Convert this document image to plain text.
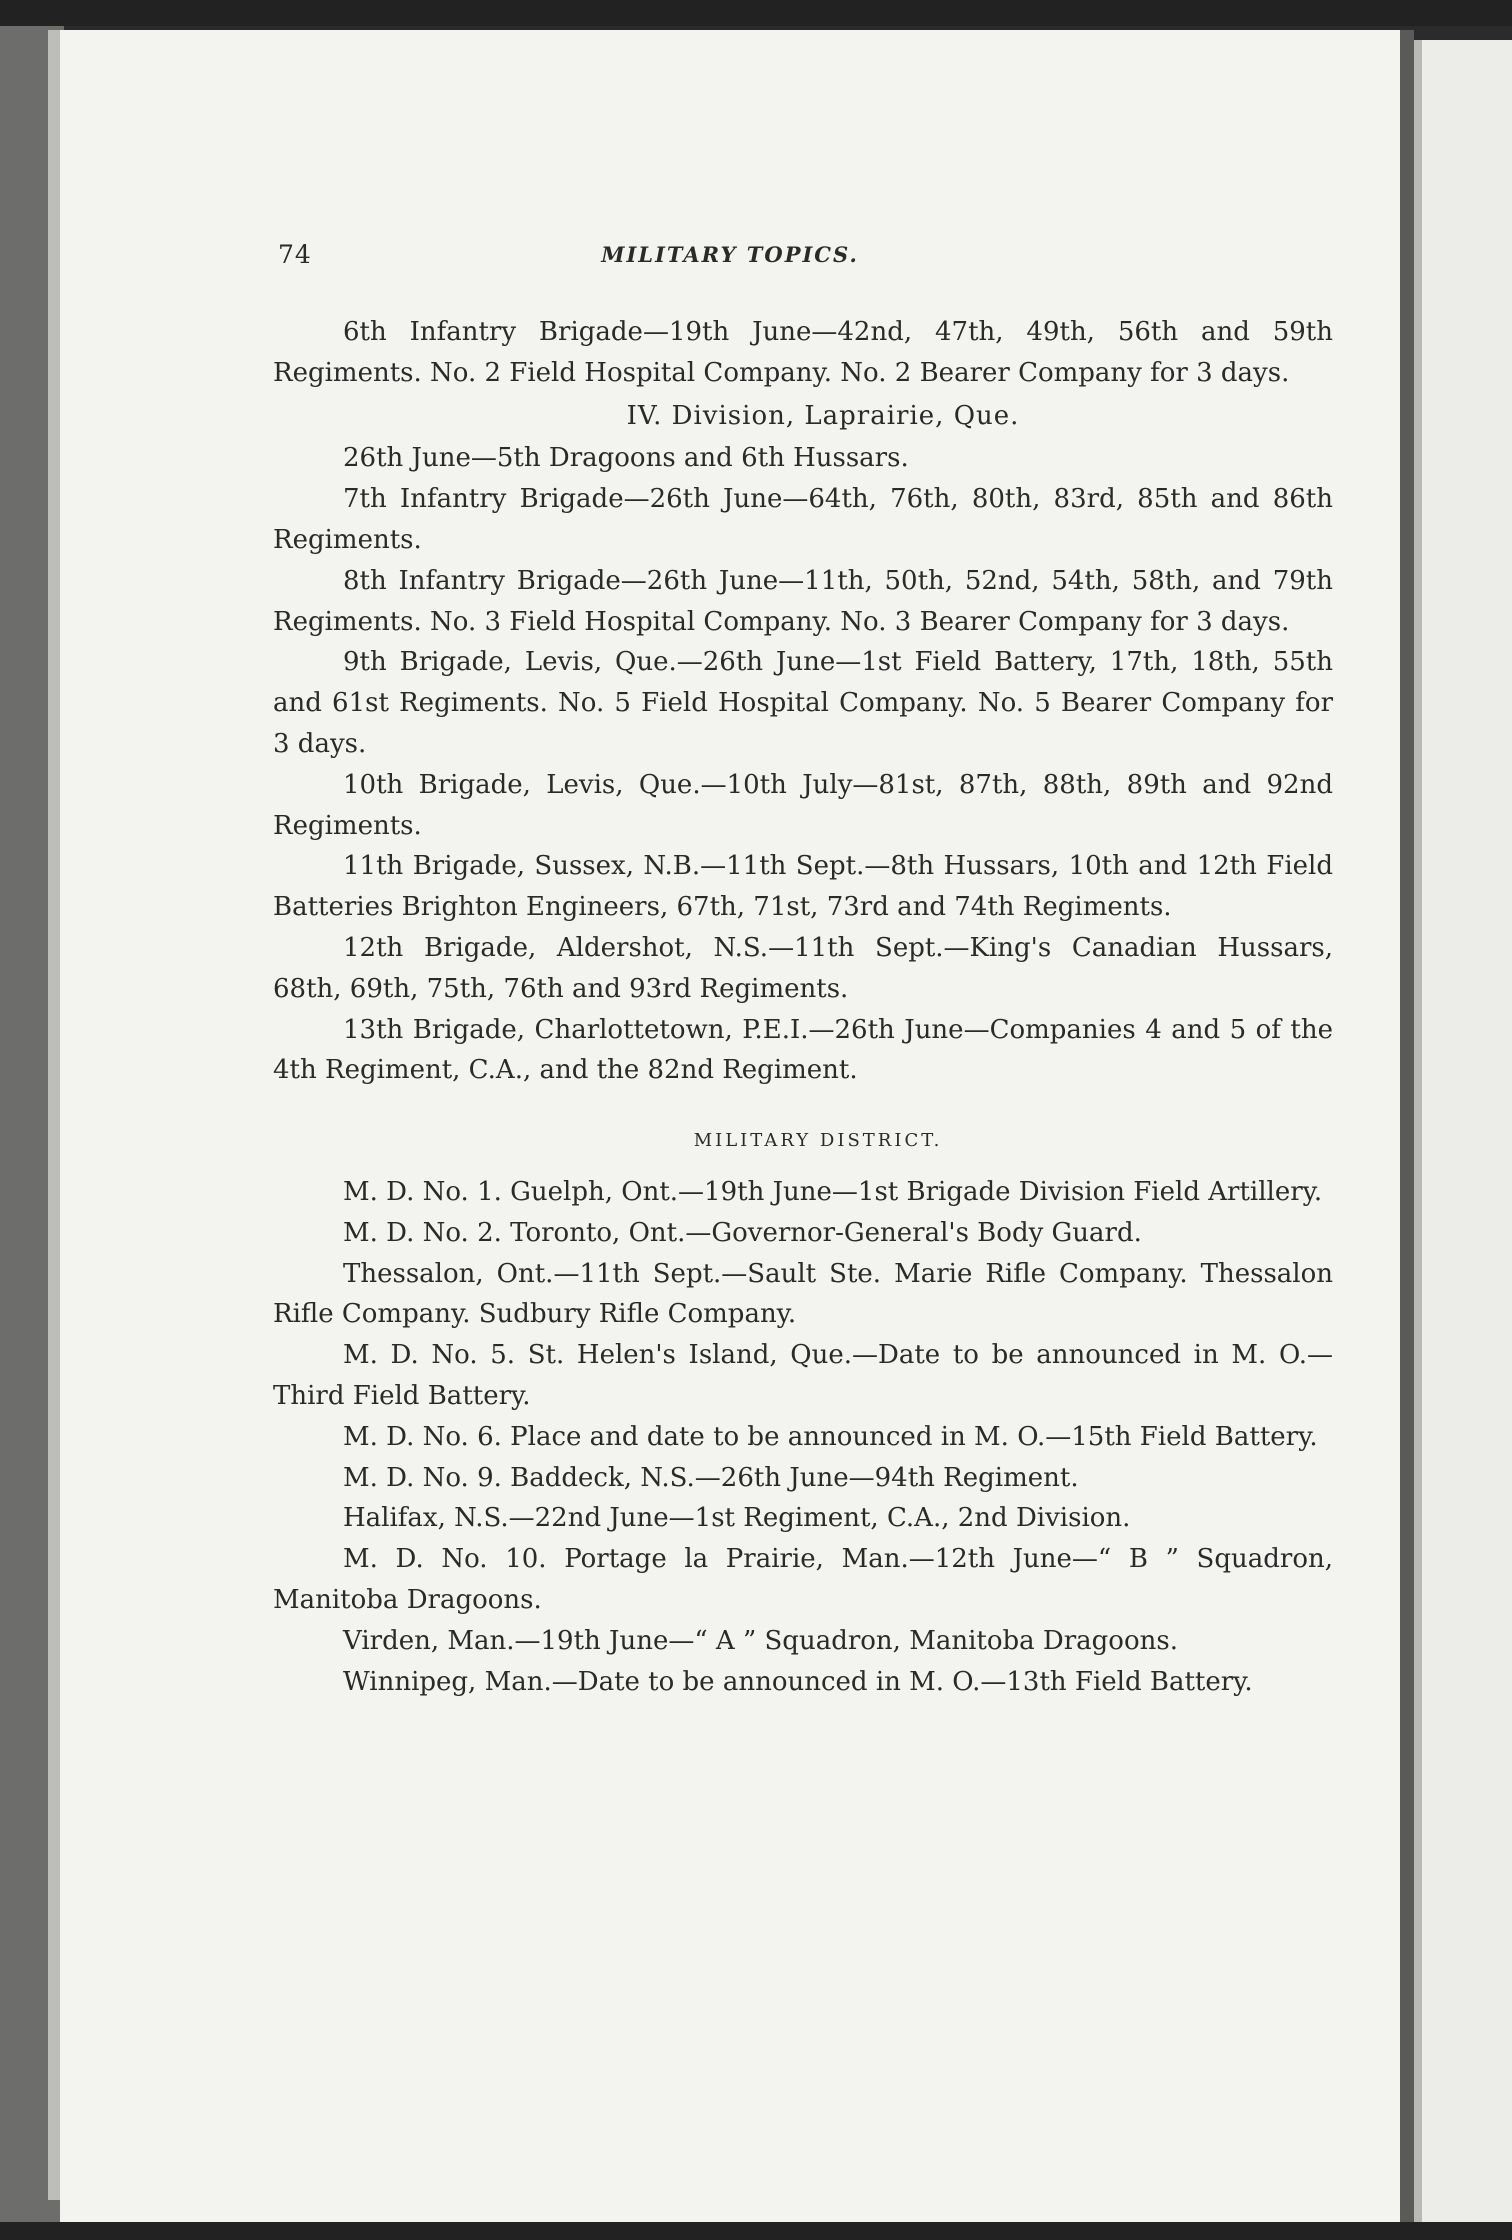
74	MILITARY TOPICS.

6th Infantry Brigade—19th June—42nd, 47th, 49th, 56th and 59th Regiments. No. 2 Field Hospital Company. No. 2 Bearer Company for 3 days.

IV. Division, Laprairie, Que.

26th June—5th Dragoons and 6th Hussars.

7th Infantry Brigade—26th June—64th, 76th, 80th, 83rd, 85th and 86th Regiments.

8th Infantry Brigade—26th June—11th, 50th, 52nd, 54th, 58th, and 79th Regiments. No. 3 Field Hospital Company. No. 3 Bearer Company for 3 days.

9th Brigade, Levis, Que.—26th June—1st Field Battery, 17th, 18th, 55th and 61st Regiments. No. 5 Field Hospital Company. No. 5 Bearer Company for 3 days.

10th Brigade, Levis, Que.—10th July—81st, 87th, 88th, 89th and 92nd Regiments.

11th Brigade, Sussex, N.B.—11th Sept.—8th Hussars, 10th and 12th Field Batteries Brighton Engineers, 67th, 71st, 73rd and 74th Regiments.

12th Brigade, Aldershot, N.S.—11th Sept.—King's Canadian Hussars, 68th, 69th, 75th, 76th and 93rd Regiments.

13th Brigade, Charlottetown, P.E.I.—26th June—Companies 4 and 5 of the 4th Regiment, C.A., and the 82nd Regiment.

MILITARY DISTRICT.

M. D. No. 1. Guelph, Ont.—19th June—1st Brigade Division Field Artillery.

M. D. No. 2. Toronto, Ont.—Governor-General's Body Guard.

Thessalon, Ont.—11th Sept.—Sault Ste. Marie Rifle Company. Thessalon Rifle Company. Sudbury Rifle Company.

M. D. No. 5. St. Helen's Island, Que.—Date to be announced in M. O.—Third Field Battery.

M. D. No. 6. Place and date to be announced in M. O.—15th Field Battery.

M. D. No. 9. Baddeck, N.S.—26th June—94th Regiment.

Halifax, N.S.—22nd June—1st Regiment, C.A., 2nd Division.

M. D. No. 10. Portage la Prairie, Man.—12th June—“ B ” Squadron, Manitoba Dragoons.

Virden, Man.—19th June—“ A ” Squadron, Manitoba Dragoons.

Winnipeg, Man.—Date to be announced in M. O.—13th Field Battery.
